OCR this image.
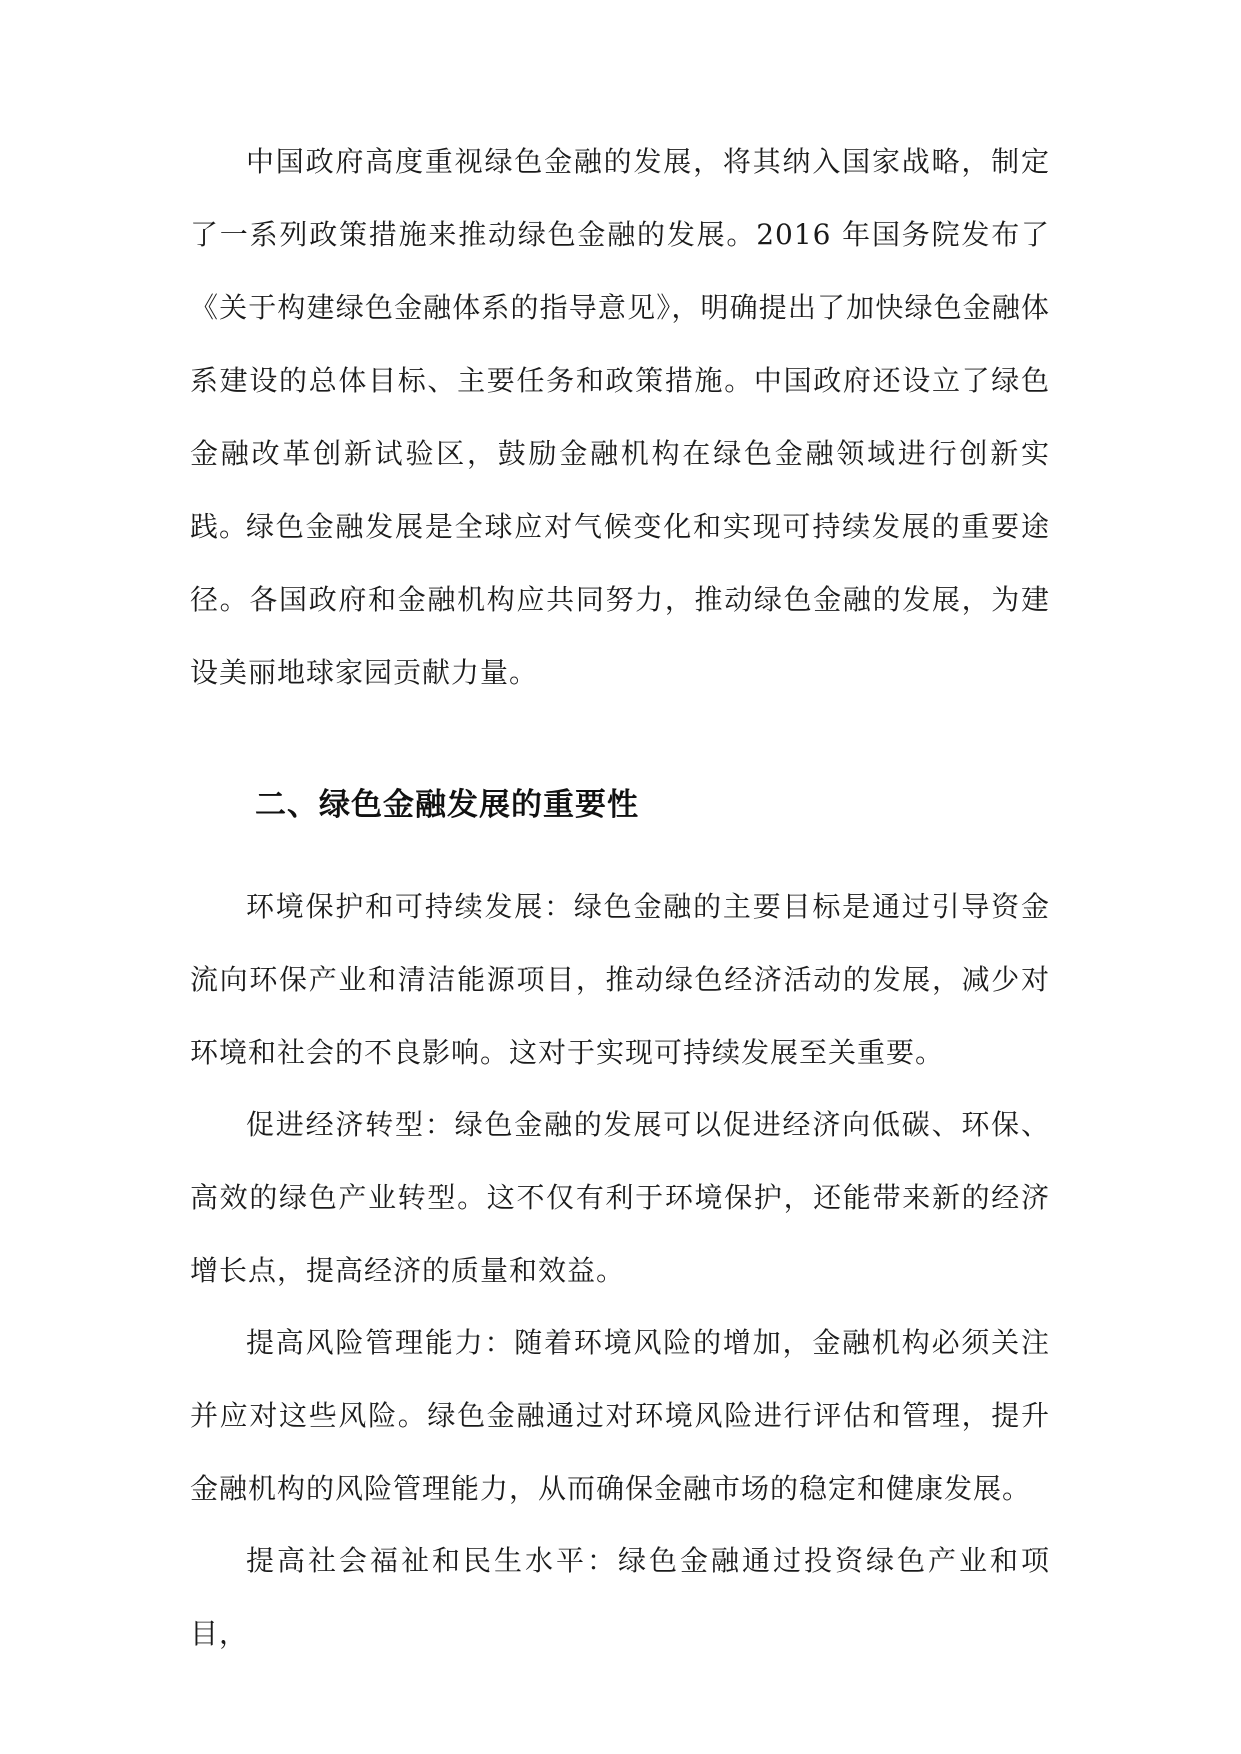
中国政府高度重视绿色金融的发展，将其纳入国家战略，制定了一系列政策措施来推动绿色金融的发展。2016 年国务院发布了《关于构建绿色金融体系的指导意见》，明确提出了加快绿色金融体系建设的总体目标、主要任务和政策措施。中国政府还设立了绿色金融改革创新试验区，鼓励金融机构在绿色金融领域进行创新实践。

绿色金融发展是全球应对气候变化和实现可持续发展的重要途径。各国政府和金融机构应共同努力，推动绿色金融的发展，为建设美丽地球家园贡献力量。

二、绿色金融发展的重要性

环境保护和可持续发展：绿色金融的主要目标是通过引导资金流向环保产业和清洁能源项目，推动绿色经济活动的发展，减少对环境和社会的不良影响。这对于实现可持续发展至关重要。

促进经济转型：绿色金融的发展可以促进经济向低碳、环保、高效的绿色产业转型。这不仅有利于环境保护，还能带来新的经济增长点，提高经济的质量和效益。

提高风险管理能力：随着环境风险的增加，金融机构必须关注并应对这些风险。绿色金融通过对环境风险进行评估和管理，提升金融机构的风险管理能力，从而确保金融市场的稳定和健康发展。

提高社会福祉和民生水平：绿色金融通过投资绿色产业和项目，
